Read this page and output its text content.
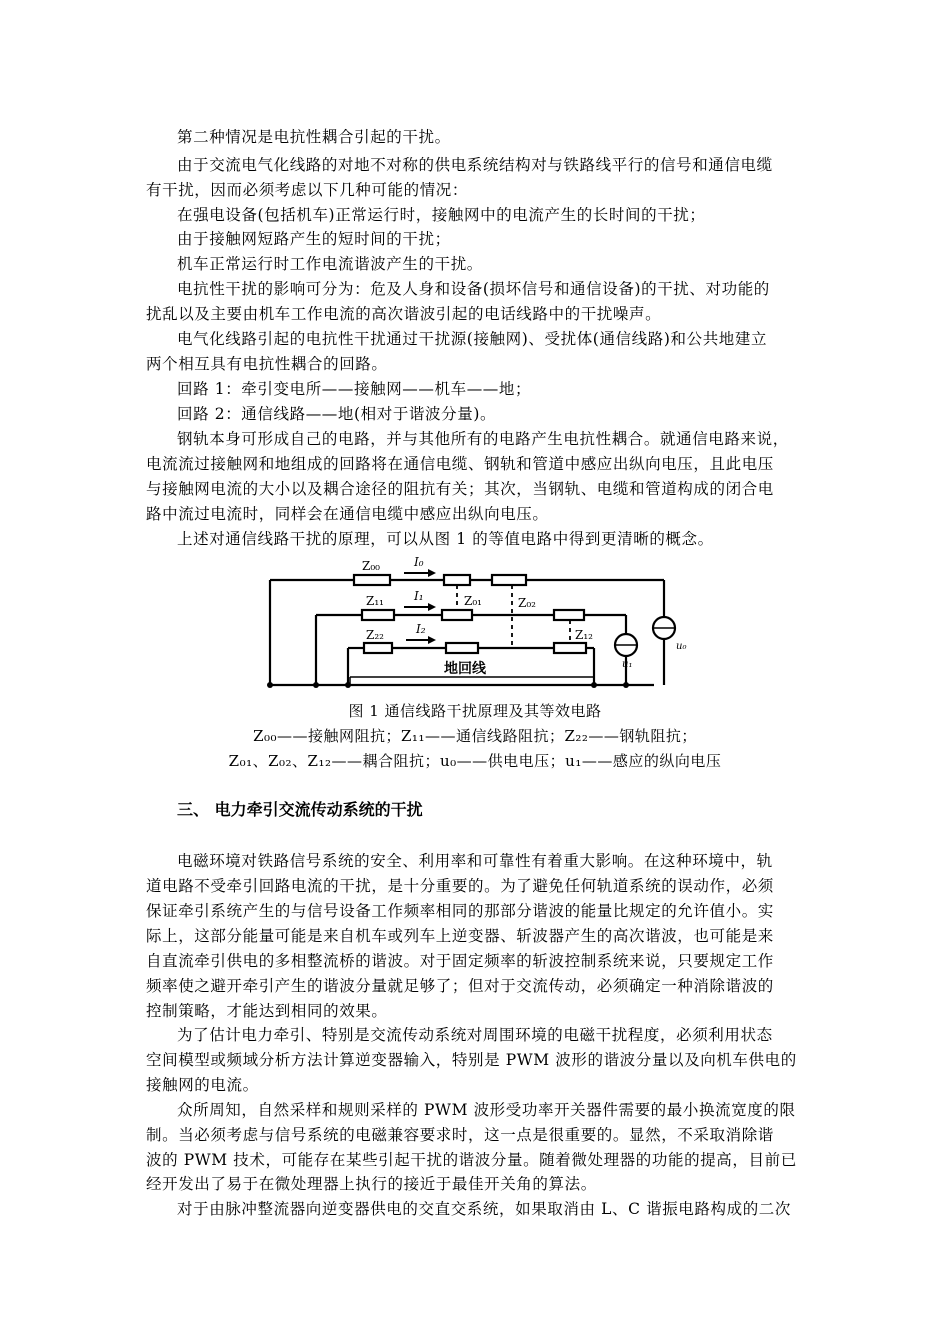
第二种情况是电抗性耦合引起的干扰。
由于交流电气化线路的对地不对称的供电系统结构对与铁路线平行的信号和通信电缆
有干扰，因而必须考虑以下几种可能的情况：
在强电设备(包括机车)正常运行时，接触网中的电流产生的长时间的干扰；
由于接触网短路产生的短时间的干扰；
机车正常运行时工作电流谐波产生的干扰。
电抗性干扰的影响可分为：危及人身和设备(损坏信号和通信设备)的干扰、对功能的
扰乱以及主要由机车工作电流的高次谐波引起的电话线路中的干扰噪声。
电气化线路引起的电抗性干扰通过干扰源(接触网)、受扰体(通信线路)和公共地建立
两个相互具有电抗性耦合的回路。
回路 1：牵引变电所——接触网——机车——地；
回路 2：通信线路——地(相对于谐波分量)。
钢轨本身可形成自己的电路，并与其他所有的电路产生电抗性耦合。就通信电路来说，
电流流过接触网和地组成的回路将在通信电缆、钢轨和管道中感应出纵向电压，且此电压
与接触网电流的大小以及耦合途径的阻抗有关；其次，当钢轨、电缆和管道构成的闭合电
路中流过电流时，同样会在通信电缆中感应出纵向电压。
上述对通信线路干扰的原理，可以从图 1 的等值电路中得到更清晰的概念。
Z₀₀	I₀
Z₁₁	I₁	Z₀₁	Z₀₂
Z₂₂	I₂	Z₁₂
u₁
u₀
地回线
图 1 通信线路干扰原理及其等效电路
Z₀₀——接触网阻抗；Z₁₁——通信线路阻抗；Z₂₂——钢轨阻抗；
Z₀₁、Z₀₂、Z₁₂——耦合阻抗；u₀——供电电压；u₁——感应的纵向电压
三、 电力牵引交流传动系统的干扰
电磁环境对铁路信号系统的安全、利用率和可靠性有着重大影响。在这种环境中，轨
道电路不受牵引回路电流的干扰，是十分重要的。为了避免任何轨道系统的误动作，必须
保证牵引系统产生的与信号设备工作频率相同的那部分谐波的能量比规定的允许值小。实
际上，这部分能量可能是来自机车或列车上逆变器、斩波器产生的高次谐波，也可能是来
自直流牵引供电的多相整流桥的谐波。对于固定频率的斩波控制系统来说，只要规定工作
频率使之避开牵引产生的谐波分量就足够了；但对于交流传动，必须确定一种消除谐波的
控制策略，才能达到相同的效果。
为了估计电力牵引、特别是交流传动系统对周围环境的电磁干扰程度，必须利用状态
空间模型或频域分析方法计算逆变器输入，特别是 PWM 波形的谐波分量以及向机车供电的
接触网的电流。
众所周知，自然采样和规则采样的 PWM 波形受功率开关器件需要的最小换流宽度的限
制。当必须考虑与信号系统的电磁兼容要求时，这一点是很重要的。显然，不采取消除谐
波的 PWM 技术，可能存在某些引起干扰的谐波分量。随着微处理器的功能的提高，目前已
经开发出了易于在微处理器上执行的接近于最佳开关角的算法。
对于由脉冲整流器向逆变器供电的交直交系统，如果取消由 L、C 谐振电路构成的二次
